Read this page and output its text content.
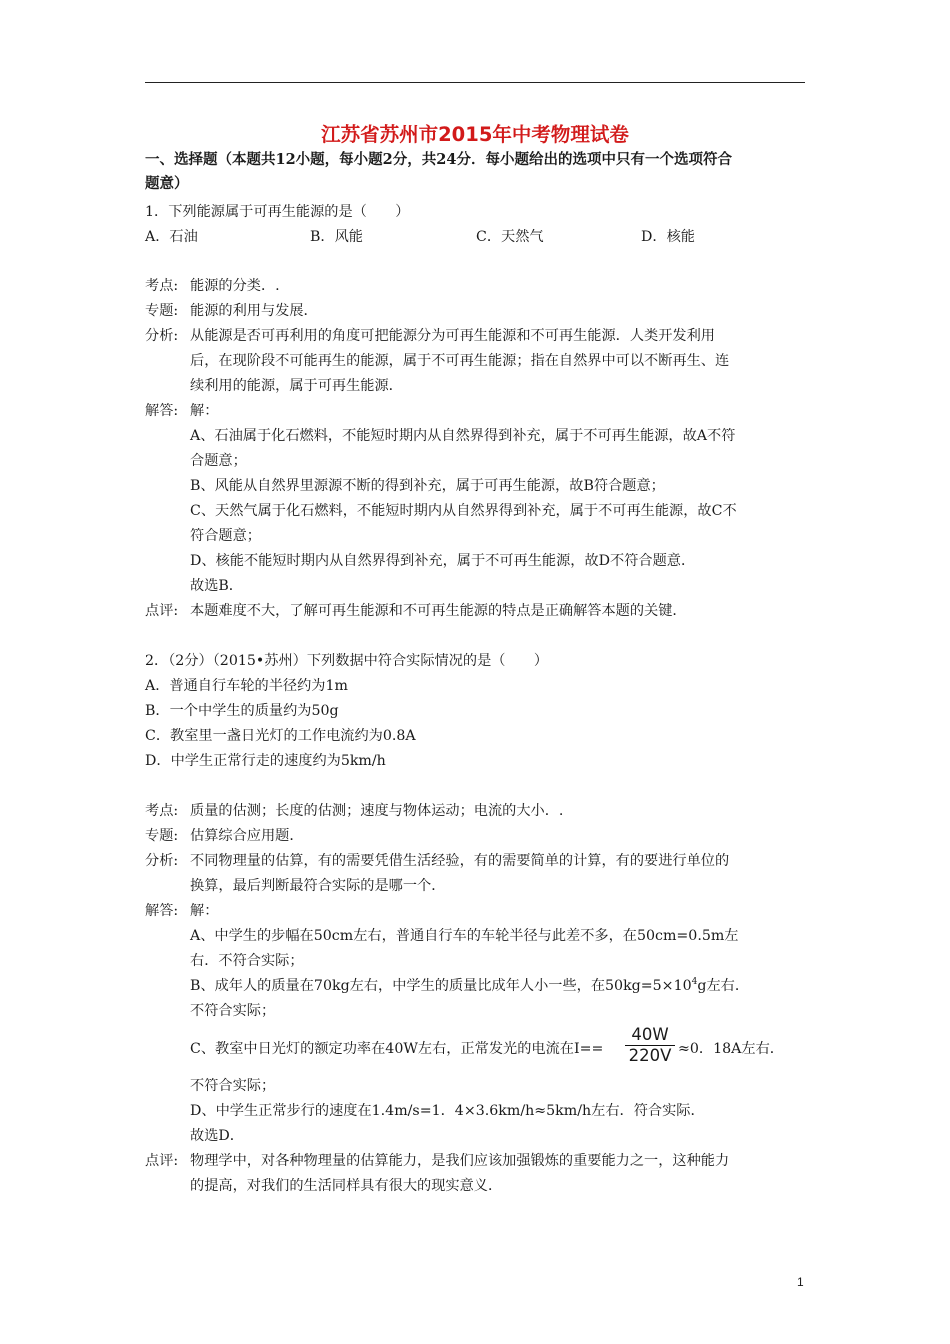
江苏省苏州市2015年中考物理试卷
一、选择题（本题共12小题，每小题2分，共24分．每小题给出的选项中只有一个选项符合
题意）
1．下列能源属于可再生能源的是（　　）
A．石油	B．风能	C．天然气	D．核能
考点: 能源的分类．.
专题: 能源的利用与发展．
分析: 从能源是否可再利用的角度可把能源分为可再生能源和不可再生能源．人类开发利用
后，在现阶段不可能再生的能源，属于不可再生能源；指在自然界中可以不断再生、连
续利用的能源，属于可再生能源．
解答: 解：
A、石油属于化石燃料，不能短时期内从自然界得到补充，属于不可再生能源，故A不符
合题意；
B、风能从自然界里源源不断的得到补充，属于可再生能源，故B符合题意；
C、天然气属于化石燃料，不能短时期内从自然界得到补充，属于不可再生能源，故C不
符合题意；
D、核能不能短时期内从自然界得到补充，属于不可再生能源，故D不符合题意．
故选B．
点评: 本题难度不大，了解可再生能源和不可再生能源的特点是正确解答本题的关键．
2．（2分）（2015•苏州）下列数据中符合实际情况的是（　　）
A．普通自行车轮的半径约为1m
B．一个中学生的质量约为50g
C．教室里一盏日光灯的工作电流约为0.8A
D．中学生正常行走的速度约为5km/h
考点: 质量的估测；长度的估测；速度与物体运动；电流的大小．.
专题: 估算综合应用题．
分析: 不同物理量的估算，有的需要凭借生活经验，有的需要简单的计算，有的要进行单位的
换算，最后判断最符合实际的是哪一个．
解答: 解：
A、中学生的步幅在50cm左右，普通自行车的车轮半径与此差不多，在50cm=0.5m左
右．不符合实际；
B、成年人的质量在70kg左右，中学生的质量比成年人小一些，在$50kg=5\times 10^4g$左右．
不符合实际；
C、教室中日光灯的额定功率在40W左右，正常发光的电流在$I== \frac{40W}{220V} \approx 0$．18A左右．
不符合实际；
D、中学生正常步行的速度在1.4m/s=1．4×3.6km/h≈5km/h左右．符合实际．
故选D．
点评: 物理学中，对各种物理量的估算能力，是我们应该加强锻炼的重要能力之一，这种能力
的提高，对我们的生活同样具有很大的现实意义．
1
